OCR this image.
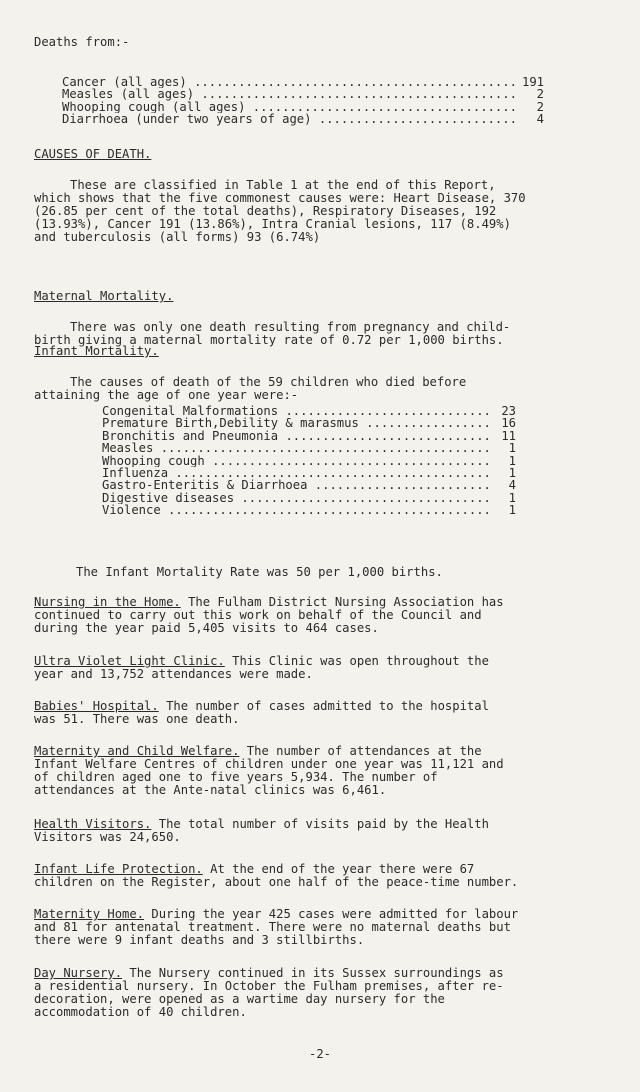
Deaths from:-

Cancer (all ages) .....	191
Measles (all ages) .....	2
Whooping cough (all ages) .....	2
Diarrhoea (under two years of age) .....	4

CAUSES OF DEATH.

These are classified in Table 1 at the end of this Report,
which shows that the five commonest causes were: Heart Disease, 370
(26.85 per cent of the total deaths), Respiratory Diseases, 192
(13.93%), Cancer 191 (13.86%), Intra Cranial lesions, 117 (8.49%)
and tuberculosis (all forms) 93 (6.74%)

Maternal Mortality.

There was only one death resulting from pregnancy and child-
birth giving a maternal mortality rate of 0.72 per 1,000 births.

Infant Mortality.

The causes of death of the 59 children who died before
attaining the age of one year were:-

Congenital Malformations .....	23
Premature Birth,Debility & marasmus .....	16
Bronchitis and Pneumonia .....	11
Measles .....	1
Whooping cough .....	1
Influenza .....	1
Gastro-Enteritis & Diarrhoea .....	4
Digestive diseases .....	1
Violence .....	1

The Infant Mortality Rate was 50 per 1,000 births.

Nursing in the Home. The Fulham District Nursing Association has
continued to carry out this work on behalf of the Council and
during the year paid 5,405 visits to 464 cases.

Ultra Violet Light Clinic. This Clinic was open throughout the
year and 13,752 attendances were made.

Babies' Hospital. The number of cases admitted to the hospital
was 51. There was one death.

Maternity and Child Welfare. The number of attendances at the
Infant Welfare Centres of children under one year was 11,121 and
of children aged one to five years 5,934. The number of
attendances at the Ante-natal clinics was 6,461.

Health Visitors. The total number of visits paid by the Health
Visitors was 24,650.

Infant Life Protection. At the end of the year there were 67
children on the Register, about one half of the peace-time number.

Maternity Home. During the year 425 cases were admitted for labour
and 81 for antenatal treatment. There were no maternal deaths but
there were 9 infant deaths and 3 stillbirths.

Day Nursery. The Nursery continued in its Sussex surroundings as
a residential nursery. In October the Fulham premises, after re-
decoration, were opened as a wartime day nursery for the
accommodation of 40 children.

-2-
